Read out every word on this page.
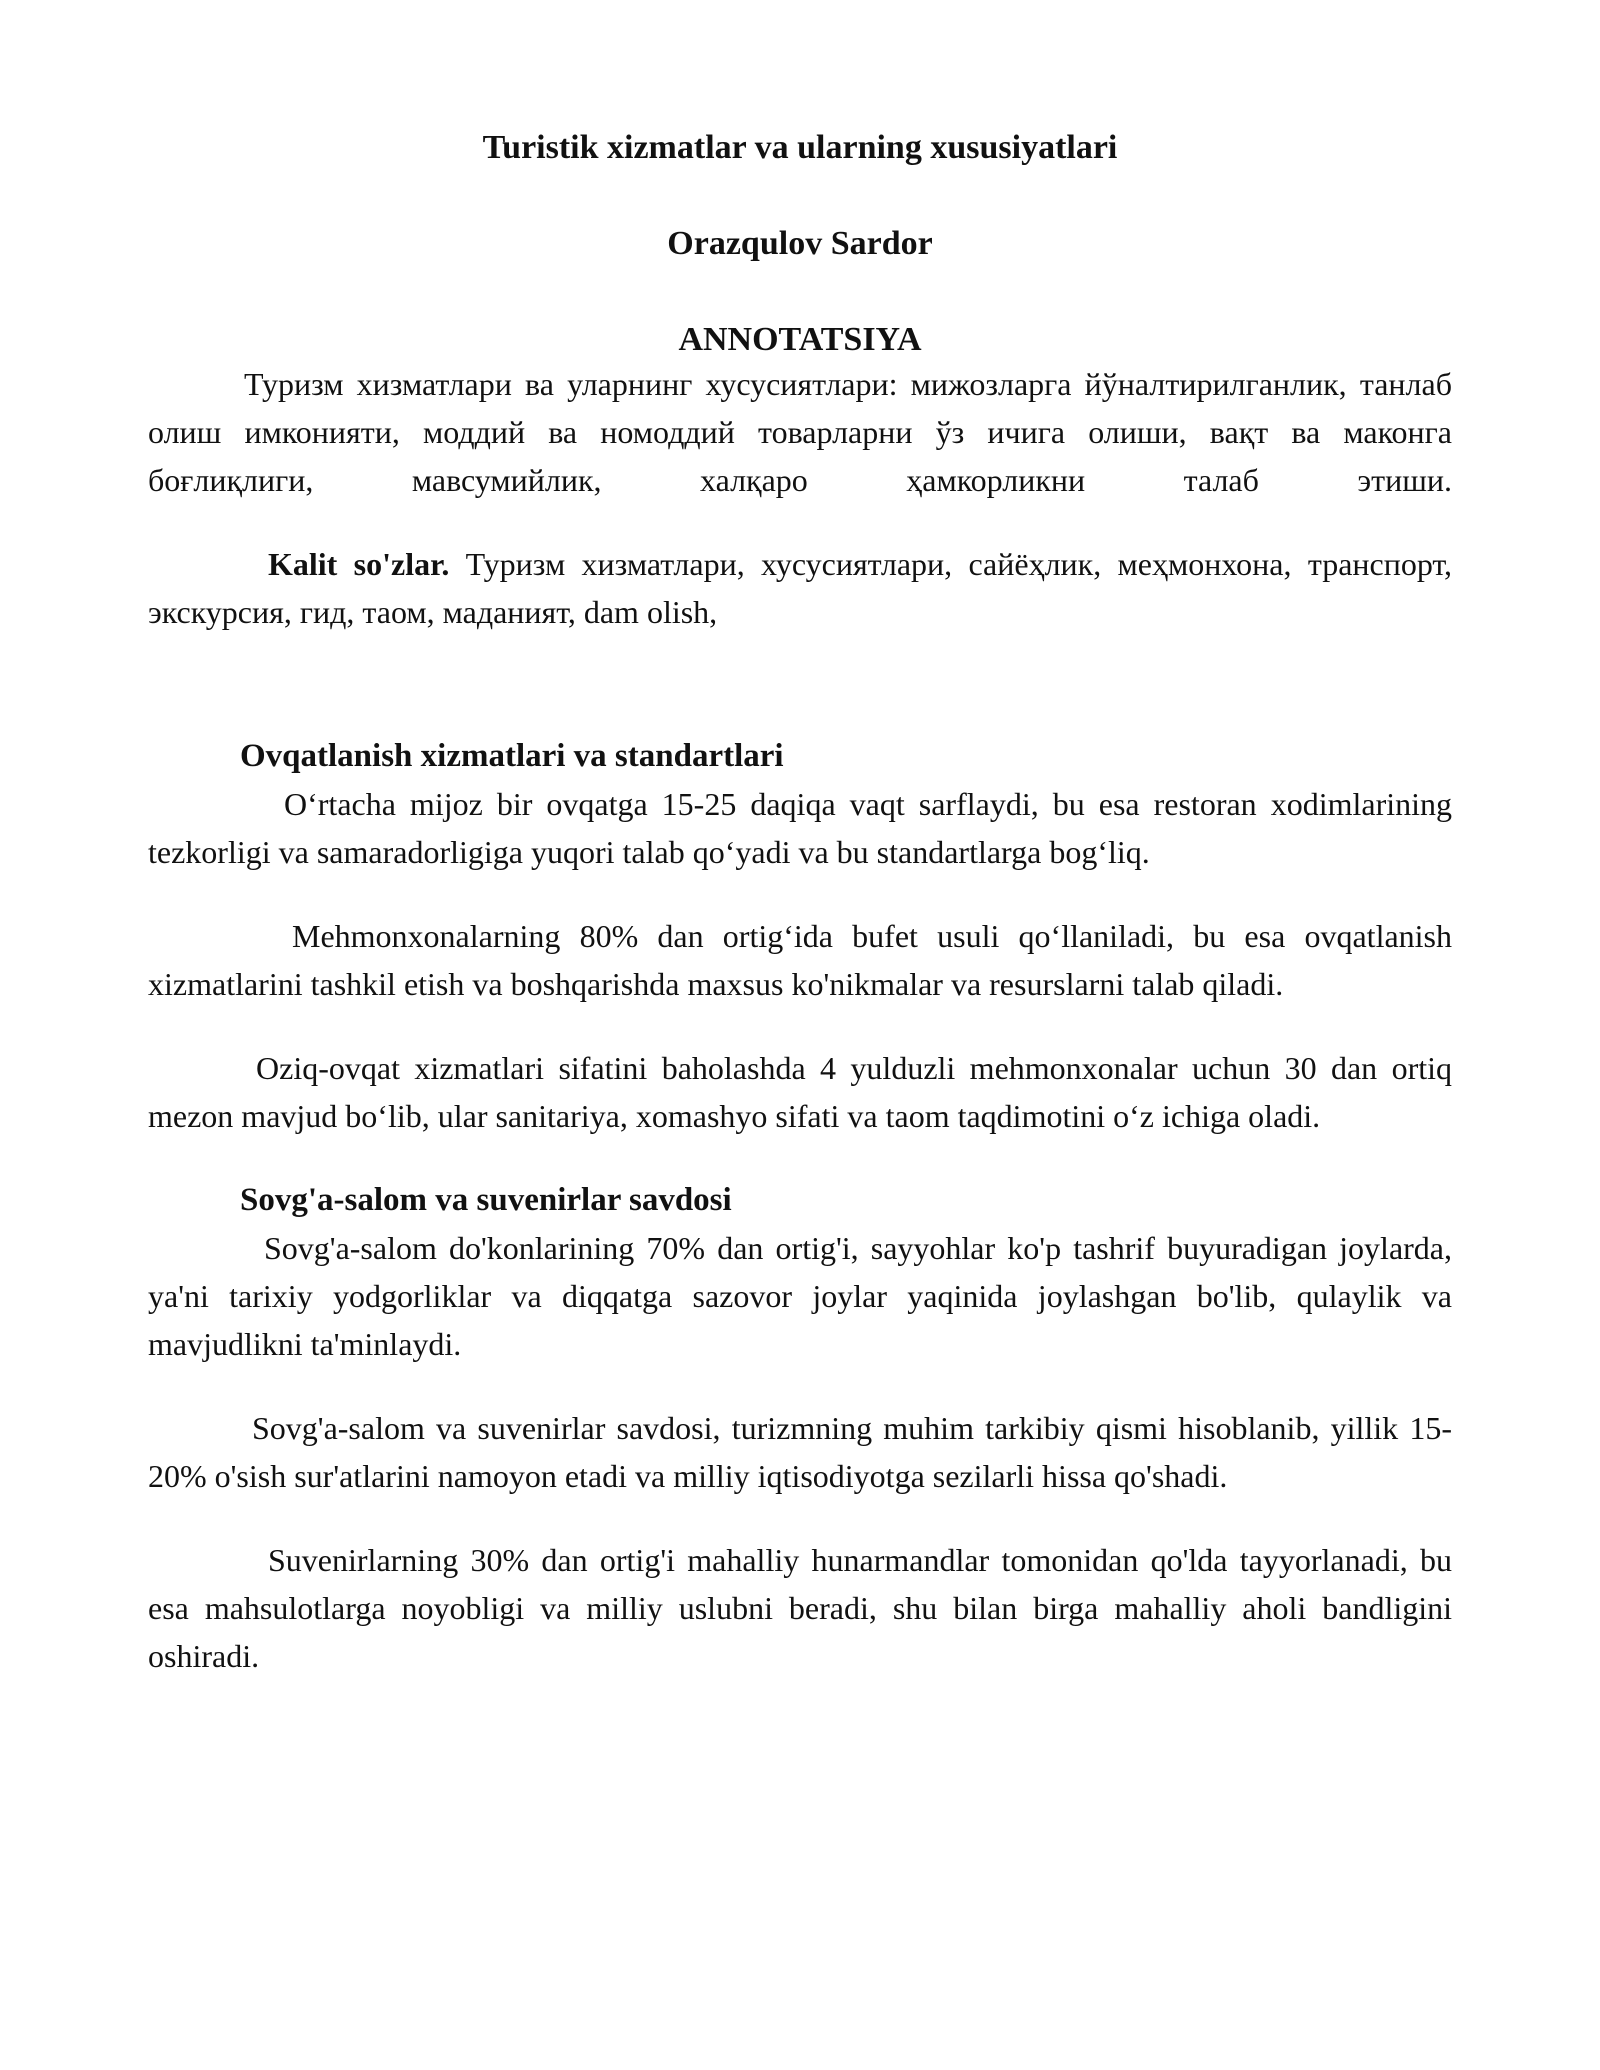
Turistik xizmatlar va ularning xususiyatlari

Orazqulov Sardor

ANNOTATSIYA

Туризм хизматлари ва уларнинг хусусиятлари: мижозларга йўналтирилганлик, танлаб олиш имконияти, моддий ва номоддий товарларни ўз ичига олиши, вақт ва маконга боғлиқлиги, мавсумийлик, халқаро ҳамкорликни талаб этиши.

Kalit so'zlar. Туризм хизматлари, хусусиятлари, сайёҳлик, меҳмонхона, транспорт, экскурсия, гид, таом, маданият, dam olish,

Ovqatlanish xizmatlari va standartlari

O‘rtacha mijoz bir ovqatga 15-25 daqiqa vaqt sarflaydi, bu esa restoran xodimlarining tezkorligi va samaradorligiga yuqori talab qo‘yadi va bu standartlarga bog‘liq.

Mehmonxonalarning 80% dan ortig‘ida bufet usuli qo‘llaniladi, bu esa ovqatlanish xizmatlarini tashkil etish va boshqarishda maxsus ko'nikmalar va resurslarni talab qiladi.

Oziq-ovqat xizmatlari sifatini baholashda 4 yulduzli mehmonxonalar uchun 30 dan ortiq mezon mavjud bo‘lib, ular sanitariya, xomashyo sifati va taom taqdimotini o‘z ichiga oladi.

Sovg'a-salom va suvenirlar savdosi

Sovg'a-salom do'konlarining 70% dan ortig'i, sayyohlar ko'p tashrif buyuradigan joylarda, ya'ni tarixiy yodgorliklar va diqqatga sazovor joylar yaqinida joylashgan bo'lib, qulaylik va mavjudlikni ta'minlaydi.

Sovg'a-salom va suvenirlar savdosi, turizmning muhim tarkibiy qismi hisoblanib, yillik 15-20% o'sish sur'atlarini namoyon etadi va milliy iqtisodiyotga sezilarli hissa qo'shadi.

Suvenirlarning 30% dan ortig'i mahalliy hunarmandlar tomonidan qo'lda tayyorlanadi, bu esa mahsulotlarga noyobligi va milliy uslubni beradi, shu bilan birga mahalliy aholi bandligini oshiradi.
